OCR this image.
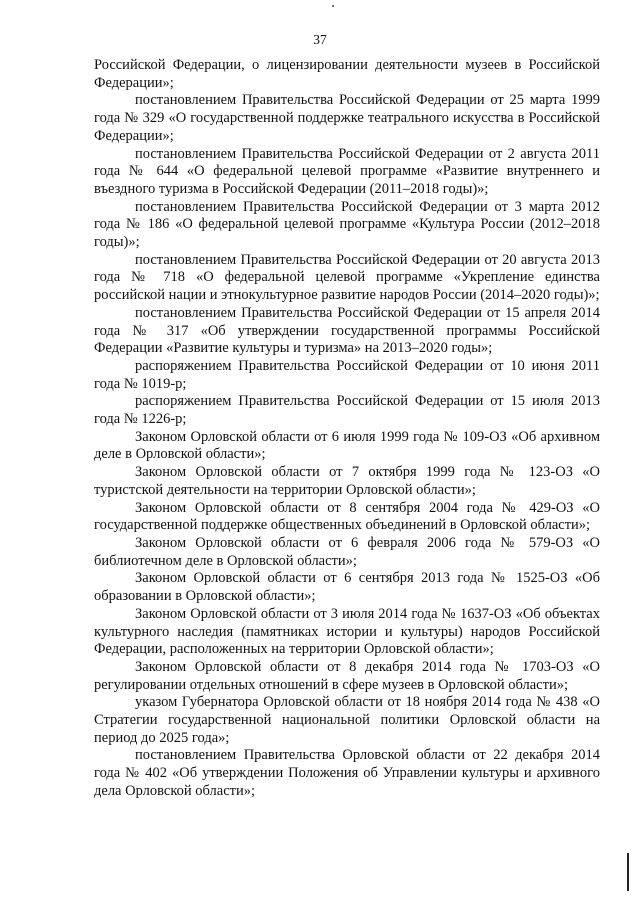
37

Российской Федерации, о лицензировании деятельности музеев в Российской Федерации»;

постановлением Правительства Российской Федерации от 25 марта 1999 года № 329 «О государственной поддержке театрального искусства в Российской Федерации»;

постановлением Правительства Российской Федерации от 2 августа 2011 года № 644 «О федеральной целевой программе «Развитие внутреннего и въездного туризма в Российской Федерации (2011–2018 годы)»;

постановлением Правительства Российской Федерации от 3 марта 2012 года № 186 «О федеральной целевой программе «Культура России (2012–2018 годы)»;

постановлением Правительства Российской Федерации от 20 августа 2013 года № 718 «О федеральной целевой программе «Укрепление единства российской нации и этнокультурное развитие народов России (2014–2020 годы)»;

постановлением Правительства Российской Федерации от 15 апреля 2014 года № 317 «Об утверждении государственной программы Российской Федерации «Развитие культуры и туризма» на 2013–2020 годы»;

распоряжением Правительства Российской Федерации от 10 июня 2011 года № 1019-р;

распоряжением Правительства Российской Федерации от 15 июля 2013 года № 1226-р;

Законом Орловской области от 6 июля 1999 года № 109-ОЗ «Об архивном деле в Орловской области»;

Законом Орловской области от 7 октября 1999 года № 123-ОЗ «О туристской деятельности на территории Орловской области»;

Законом Орловской области от 8 сентября 2004 года № 429-ОЗ «О государственной поддержке общественных объединений в Орловской области»;

Законом Орловской области от 6 февраля 2006 года № 579-ОЗ «О библиотечном деле в Орловской области»;

Законом Орловской области от 6 сентября 2013 года № 1525-ОЗ «Об образовании в Орловской области»;

Законом Орловской области от 3 июля 2014 года № 1637-ОЗ «Об объектах культурного наследия (памятниках истории и культуры) народов Российской Федерации, расположенных на территории Орловской области»;

Законом Орловской области от 8 декабря 2014 года № 1703-ОЗ «О регулировании отдельных отношений в сфере музеев в Орловской области»;

указом Губернатора Орловской области от 18 ноября 2014 года № 438 «О Стратегии государственной национальной политики Орловской области на период до 2025 года»;

постановлением Правительства Орловской области от 22 декабря 2014 года № 402 «Об утверждении Положения об Управлении культуры и архивного дела Орловской области»;
